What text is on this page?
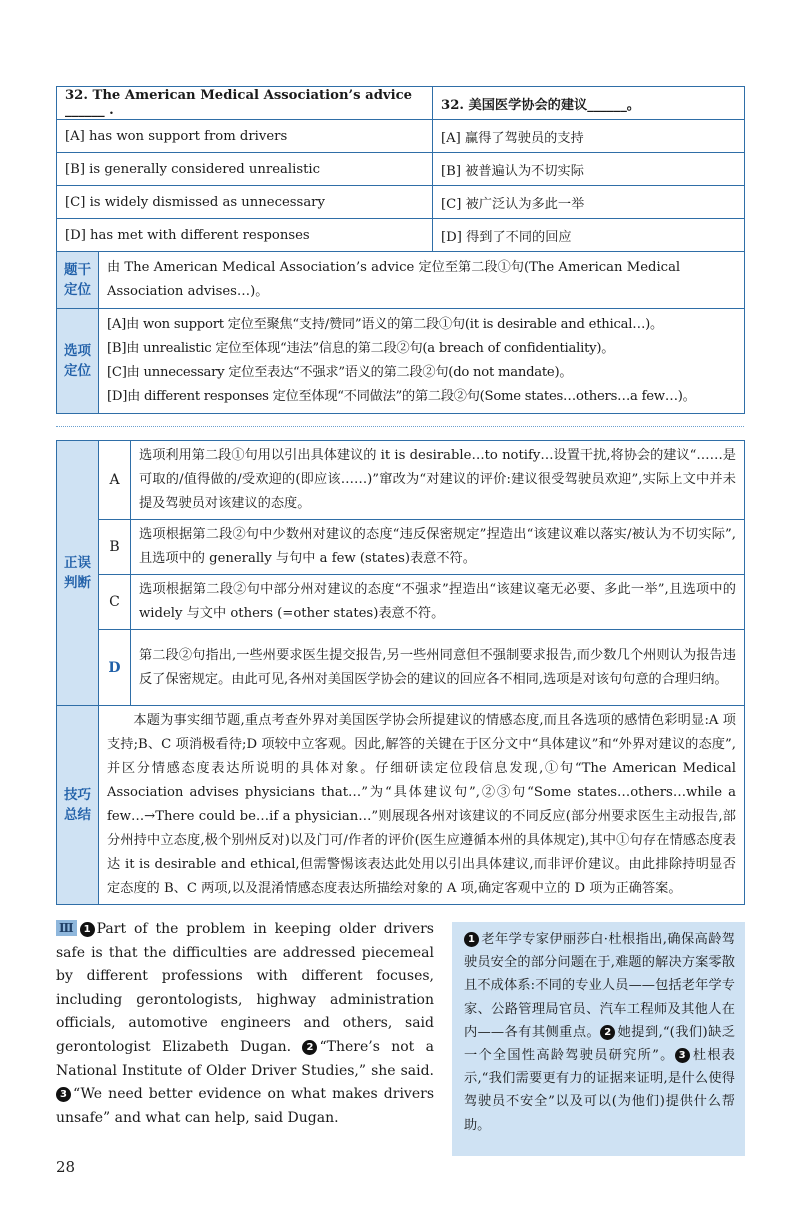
32. The American Medical Association’s advice ______ .		32. 美国医学协会的建议______。
[A] has won support from drivers		[A] 赢得了驾驶员的支持
[B] is generally considered unrealistic		[B] 被普遍认为不切实际
[C] is widely dismissed as unnecessary		[C] 被广泛认为多此一举
[D] has met with different responses		[D] 得到了不同的回应
题干定位	由 The American Medical Association’s advice 定位至第二段①句(The American Medical Association advises…)。	
选项定位	[A]由 won support 定位至聚焦“支持/赞同”语义的第二段①句(it is desirable and ethical…)。
[B]由 unrealistic 定位至体现“违法”信息的第二段②句(a breach of confidentiality)。
[C]由 unnecessary 定位至表达“不强求”语义的第二段②句(do not mandate)。
[D]由 different responses 定位至体现“不同做法”的第二段②句(Some states…others…a few…)。	
正误判断	A	选项利用第二段①句用以引出具体建议的 it is desirable…to notify…设置干扰,将协会的建议“……是可取的/值得做的/受欢迎的(即应该……)”窜改为“对建议的评价:建议很受驾驶员欢迎”,实际上文中并未提及驾驶员对该建议的态度。
	B	选项根据第二段②句中少数州对建议的态度“违反保密规定”捏造出“该建议难以落实/被认为不切实际”,且选项中的 generally 与句中 a few (states)表意不符。
	C	选项根据第二段②句中部分州对建议的态度“不强求”捏造出“该建议毫无必要、多此一举”,且选项中的 widely 与文中 others (=other states)表意不符。
	D	第二段②句指出,一些州要求医生提交报告,另一些州同意但不强制要求报告,而少数几个州则认为报告违反了保密规定。由此可见,各州对美国医学协会的建议的回应各不相同,选项是对该句句意的合理归纳。
技巧总结	本题为事实细节题,重点考查外界对美国医学协会所提建议的情感态度,而且各选项的感情色彩明显:A 项支持;B、C 项消极看待;D 项较中立客观。因此,解答的关键在于区分文中“具体建议”和“外界对建议的态度”,并区分情感态度表达所说明的具体对象。仔细研读定位段信息发现,①句“The American Medical Association advises physicians that…”为“具体建议句”,②③句“Some states…others…while a few…→There could be…if a physician…”则展现各州对该建议的不同反应(部分州要求医生主动报告,部分州持中立态度,极个别州反对)以及门可/作者的评价(医生应遵循本州的具体规定),其中①句存在情感态度表达 it is desirable and ethical,但需警惕该表达此处用以引出具体建议,而非评价建议。由此排除持明显否定态度的 B、C 两项,以及混淆情感态度表达所描绘对象的 A 项,确定客观中立的 D 项为正确答案。	
Ⅲ 1 Part of the problem in keeping older drivers safe is that the difficulties are addressed piecemeal by different professions with different focuses, including gerontologists, highway administration officials, automotive engineers and others, said gerontologist Elizabeth Dugan. 2 “There’s not a National Institute of Older Driver Studies,” she said. 3 “We need better evidence on what makes drivers unsafe” and what can help, said Dugan.
1 老年学专家伊丽莎白·杜根指出,确保高龄驾驶员安全的部分问题在于,难题的解决方案零散且不成体系:不同的专业人员——包括老年学专家、公路管理局官员、汽车工程师及其他人在内——各有其侧重点。 2 她提到,“(我们)缺乏一个全国性高龄驾驶员研究所”。 3 杜根表示,“我们需要更有力的证据来证明,是什么使得驾驶员不安全”以及可以(为他们)提供什么帮助。
28
